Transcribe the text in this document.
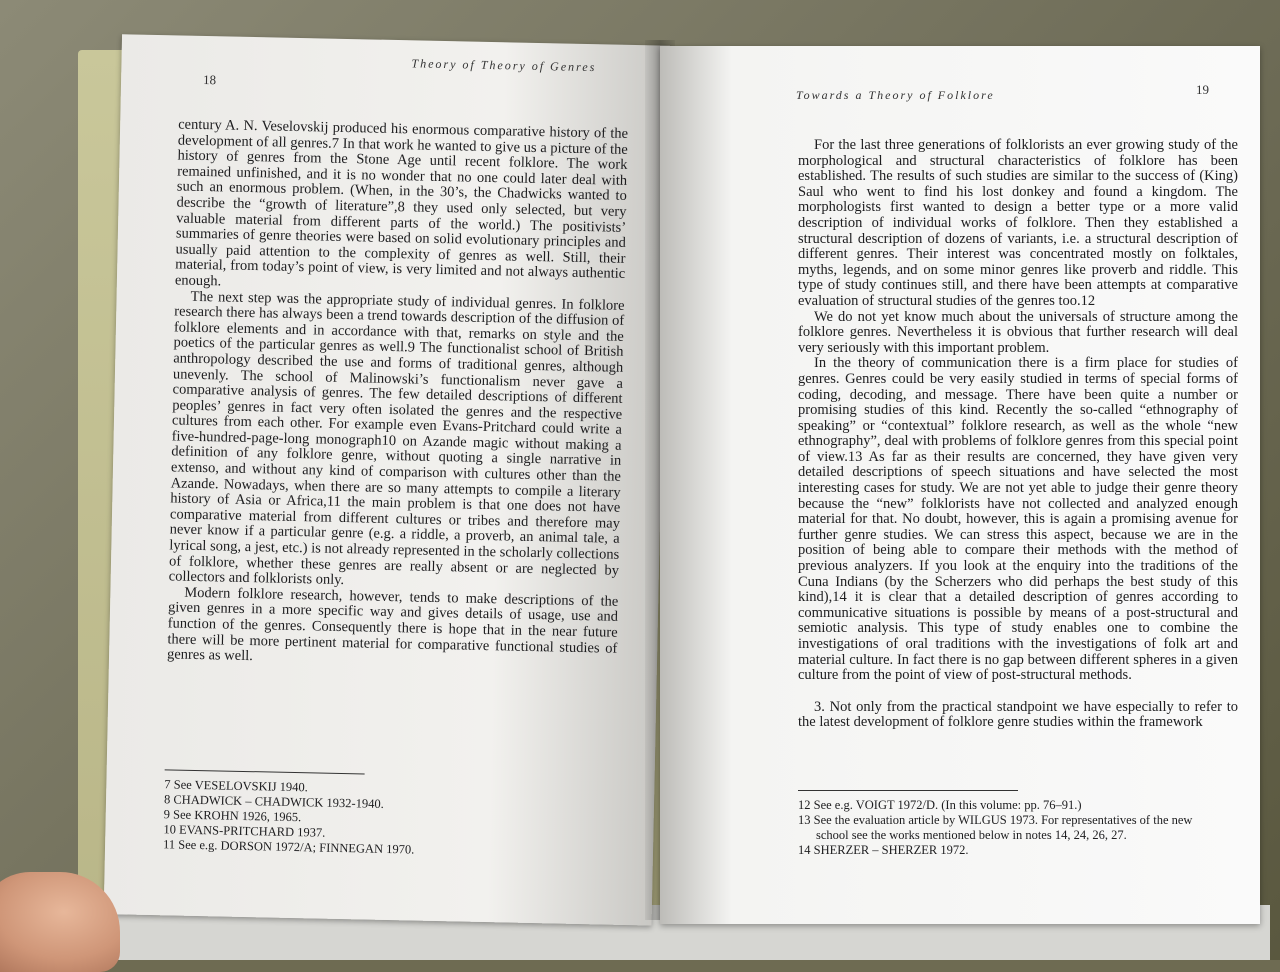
Theory of Theory of Genres
18

century A. N. Veselovskij produced his enormous comparative history of the development of all genres.7 In that work he wanted to give us a picture of the history of genres from the Stone Age until recent folklore. The work remained unfinished, and it is no wonder that no one could later deal with such an enormous problem. (When, in the 30’s, the Chadwicks wanted to describe the “growth of literature”,8 they used only selected, but very valuable material from different parts of the world.) The positivists’ summaries of genre theories were based on solid evolutionary principles and usually paid attention to the complexity of genres as well. Still, their material, from today’s point of view, is very limited and not always authentic enough.

The next step was the appropriate study of individual genres. In folklore research there has always been a trend towards description of the diffusion of folklore elements and in accordance with that, remarks on style and the poetics of the particular genres as well.9 The functionalist school of British anthropology described the use and forms of traditional genres, although unevenly. The school of Malinowski’s functionalism never gave a comparative analysis of genres. The few detailed descriptions of different peoples’ genres in fact very often isolated the genres and the respective cultures from each other. For example even Evans-Pritchard could write a five-hundred-page-long monograph10 on Azande magic without making a definition of any folklore genre, without quoting a single narrative in extenso, and without any kind of comparison with cultures other than the Azande. Nowadays, when there are so many attempts to compile a literary history of Asia or Africa,11 the main problem is that one does not have comparative material from different cultures or tribes and therefore may never know if a particular genre (e.g. a riddle, a proverb, an animal tale, a lyrical song, a jest, etc.) is not already represented in the scholarly collections of folklore, whether these genres are really absent or are neglected by collectors and folklorists only.

Modern folklore research, however, tends to make descriptions of the given genres in a more specific way and gives details of usage, use and function of the genres. Consequently there is hope that in the near future there will be more pertinent material for comparative functional studies of genres as well.

7 See VESELOVSKIJ 1940.
8 CHADWICK – CHADWICK 1932-1940.
9 See KROHN 1926, 1965.
10 EVANS-PRITCHARD 1937.
11 See e.g. DORSON 1972/A; FINNEGAN 1970.
Towards a Theory of Folklore	19

For the last three generations of folklorists an ever growing study of the morphological and structural characteristics of folklore has been established. The results of such studies are similar to the success of (King) Saul who went to find his lost donkey and found a kingdom. The morphologists first wanted to design a better type or a more valid description of individual works of folklore. Then they established a structural description of dozens of variants, i.e. a structural description of different genres. Their interest was concentrated mostly on folktales, myths, legends, and on some minor genres like proverb and riddle. This type of study continues still, and there have been attempts at comparative evaluation of structural studies of the genres too.12

We do not yet know much about the universals of structure among the folklore genres. Nevertheless it is obvious that further research will deal very seriously with this important problem.

In the theory of communication there is a firm place for studies of genres. Genres could be very easily studied in terms of special forms of coding, decoding, and message. There have been quite a number or promising studies of this kind. Recently the so-called “ethnography of speaking” or “contextual” folklore research, as well as the whole “new ethnography”, deal with problems of folklore genres from this special point of view.13 As far as their results are concerned, they have given very detailed descriptions of speech situations and have selected the most interesting cases for study. We are not yet able to judge their genre theory because the “new” folklorists have not collected and analyzed enough material for that. No doubt, however, this is again a promising avenue for further genre studies. We can stress this aspect, because we are in the position of being able to compare their methods with the method of previous analyzers. If you look at the enquiry into the traditions of the Cuna Indians (by the Scherzers who did perhaps the best study of this kind),14 it is clear that a detailed description of genres according to communicative situations is possible by means of a post-structural and semiotic analysis. This type of study enables one to combine the investigations of oral traditions with the investigations of folk art and material culture. In fact there is no gap between different spheres in a given culture from the point of view of post-structural methods.

3. Not only from the practical standpoint we have especially to refer to the latest development of folklore genre studies within the framework

12 See e.g. VOIGT 1972/D. (In this volume: pp. 76–91.)
13 See the evaluation article by WILGUS 1973. For representatives of the new
school see the works mentioned below in notes 14, 24, 26, 27.
14 SHERZER – SHERZER 1972.
